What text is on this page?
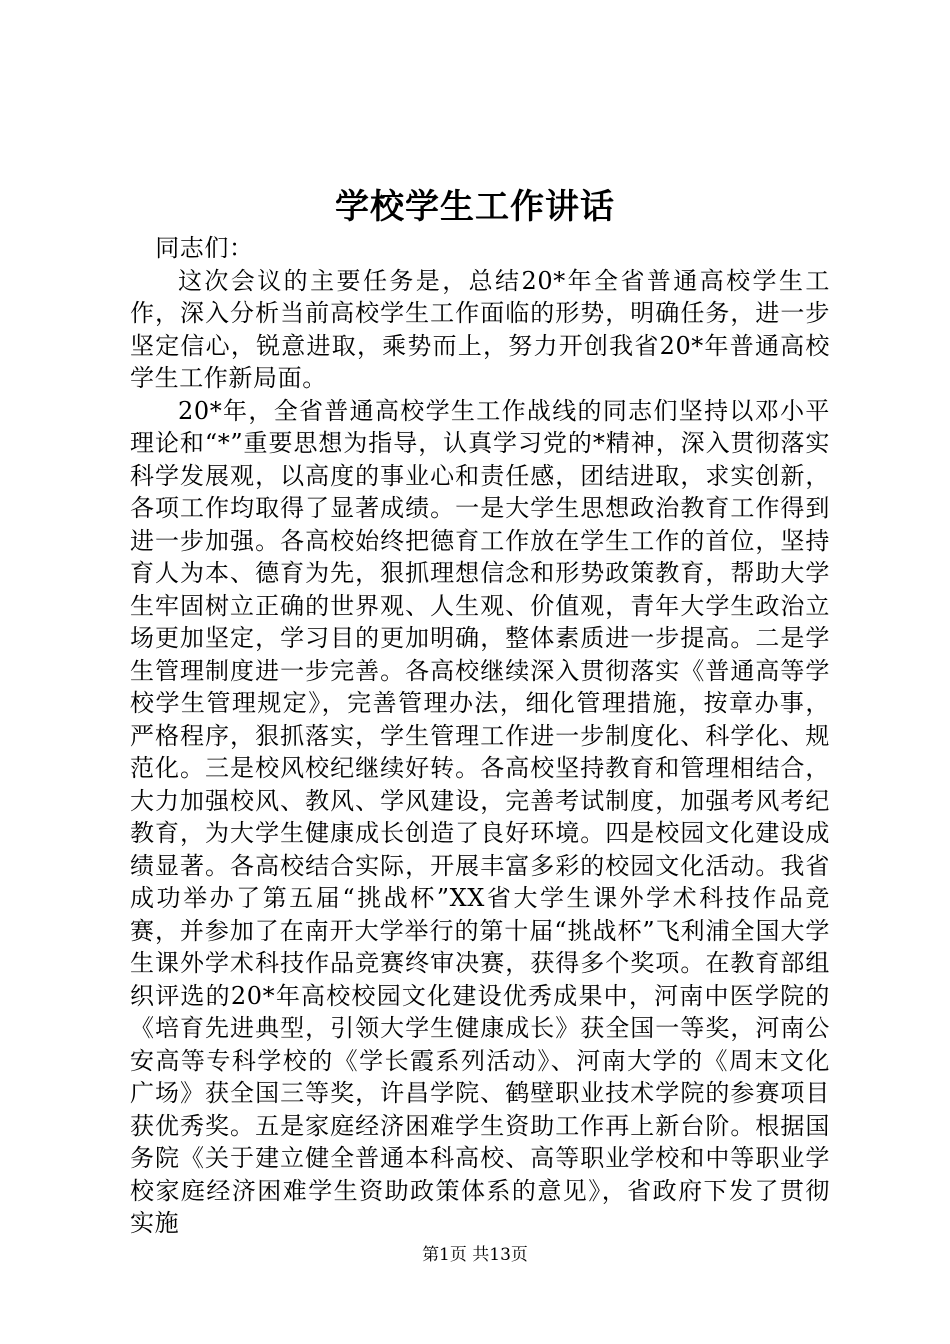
学校学生工作讲话

同志们：

这次会议的主要任务是，总结20*年全省普通高校学生工作，深入分析当前高校学生工作面临的形势，明确任务，进一步坚定信心，锐意进取，乘势而上，努力开创我省20*年普通高校学生工作新局面。

20*年，全省普通高校学生工作战线的同志们坚持以邓小平理论和“*”重要思想为指导，认真学习党的*精神，深入贯彻落实科学发展观，以高度的事业心和责任感，团结进取，求实创新，各项工作均取得了显著成绩。一是大学生思想政治教育工作得到进一步加强。各高校始终把德育工作放在学生工作的首位，坚持育人为本、德育为先，狠抓理想信念和形势政策教育，帮助大学生牢固树立正确的世界观、人生观、价值观，青年大学生政治立场更加坚定，学习目的更加明确，整体素质进一步提高。二是学生管理制度进一步完善。各高校继续深入贯彻落实《普通高等学校学生管理规定》，完善管理办法，细化管理措施，按章办事，严格程序，狠抓落实，学生管理工作进一步制度化、科学化、规范化。三是校风校纪继续好转。各高校坚持教育和管理相结合，大力加强校风、教风、学风建设，完善考试制度，加强考风考纪教育，为大学生健康成长创造了良好环境。四是校园文化建设成绩显著。各高校结合实际，开展丰富多彩的校园文化活动。我省成功举办了第五届“挑战杯”XX省大学生课外学术科技作品竞赛，并参加了在南开大学举行的第十届“挑战杯”飞利浦全国大学生课外学术科技作品竞赛终审决赛，获得多个奖项。在教育部组织评选的20*年高校校园文化建设优秀成果中，河南中医学院的《培育先进典型，引领大学生健康成长》获全国一等奖，河南公安高等专科学校的《学长霞系列活动》、河南大学的《周末文化广场》获全国三等奖，许昌学院、鹤壁职业技术学院的参赛项目获优秀奖。五是家庭经济困难学生资助工作再上新台阶。根据国务院《关于建立健全普通本科高校、高等职业学校和中等职业学校家庭经济困难学生资助政策体系的意见》，省政府下发了贯彻实施

第1页 共13页
